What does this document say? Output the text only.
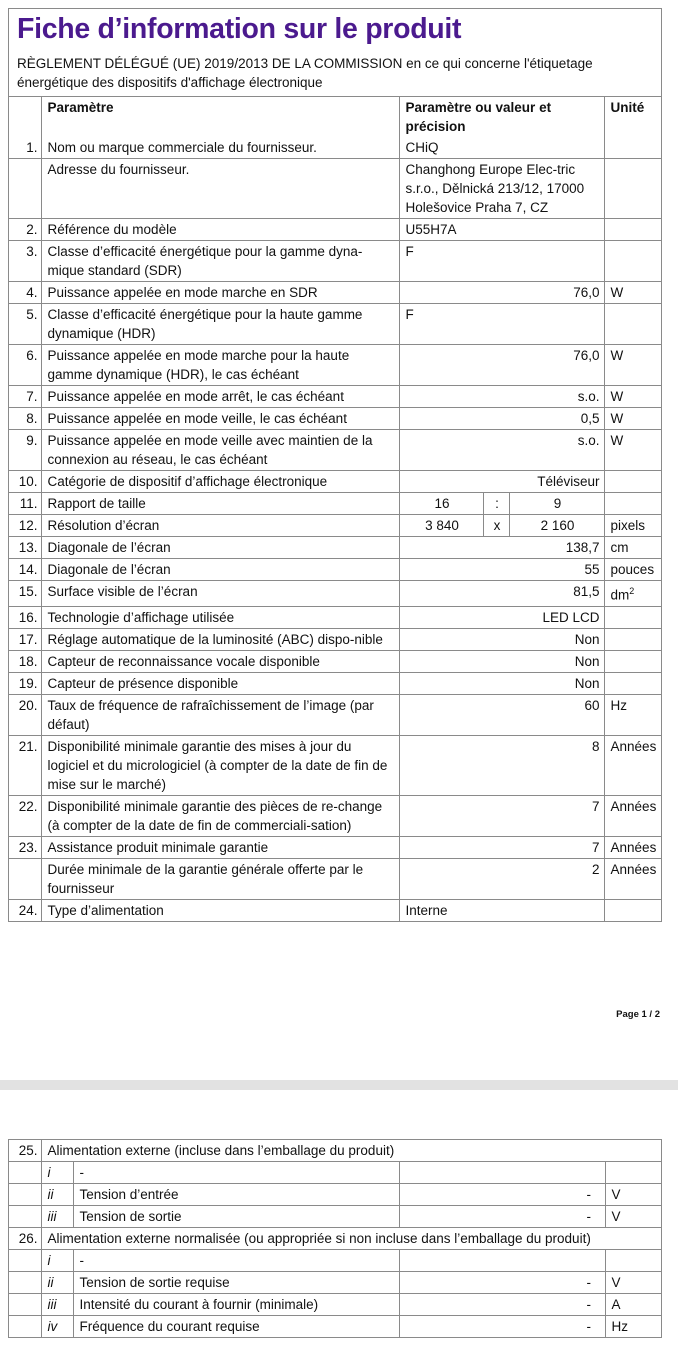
Fiche d’information sur le produit
RÈGLEMENT DÉLÉGUÉ (UE) 2019/2013 DE LA COMMISSION en ce qui concerne l'étiquetage énergétique des dispositifs d'affichage électronique
	Paramètre	Paramètre ou valeur et précision			Unité
1.	Nom ou marque commerciale du fournisseur.	CHiQ			
	Adresse du fournisseur.	Changhong Europe Elec-tric s.r.o., Dělnická 213/12, 17000 Holešovice Praha 7, CZ			
2.	Référence du modèle	U55H7A			
3.	Classe d’efficacité énergétique pour la gamme dyna-mique standard (SDR)	F			
4.	Puissance appelée en mode marche en SDR	76,0			W
5.	Classe d’efficacité énergétique pour la haute gamme dynamique (HDR)	F			
6.	Puissance appelée en mode marche pour la haute gamme dynamique (HDR), le cas échéant	76,0			W
7.	Puissance appelée en mode arrêt, le cas échéant	s.o.			W
8.	Puissance appelée en mode veille, le cas échéant	0,5			W
9.	Puissance appelée en mode veille avec maintien de la connexion au réseau, le cas échéant	s.o.			W
10.	Catégorie de dispositif d’affichage électronique	Téléviseur			
11.	Rapport de taille	16	:	9	
12.	Résolution d’écran	3 840	x	2 160	pixels
13.	Diagonale de l’écran	138,7			cm
14.	Diagonale de l’écran	55			pouces
15.	Surface visible de l’écran	81,5			$dm^2$
16.	Technologie d’affichage utilisée	LED LCD			
17.	Réglage automatique de la luminosité (ABC) dispo-nible	Non			
18.	Capteur de reconnaissance vocale disponible	Non			
19.	Capteur de présence disponible	Non			
20.	Taux de fréquence de rafraîchissement de l’image (par défaut)	60			Hz
21.	Disponibilité minimale garantie des mises à jour du logiciel et du micrologiciel (à compter de la date de fin de mise sur le marché)	8			Années
22.	Disponibilité minimale garantie des pièces de re-change (à compter de la date de fin de commerciali-sation)	7			Années
23.	Assistance produit minimale garantie	7			Années
	Durée minimale de la garantie générale offerte par le fournisseur	2			Années
24.	Type d’alimentation	Interne			
Page 1 / 2
25.	Alimentation externe (incluse dans l’emballage du produit)				
	i	-			
	ii	Tension d’entrée	-		V
	iii	Tension de sortie	-		V
26.	Alimentation externe normalisée (ou appropriée si non incluse dans l’emballage du produit)				
	i	-			
	ii	Tension de sortie requise	-		V
	iii	Intensité du courant à fournir (minimale)	-		A
	iv	Fréquence du courant requise	-		Hz
